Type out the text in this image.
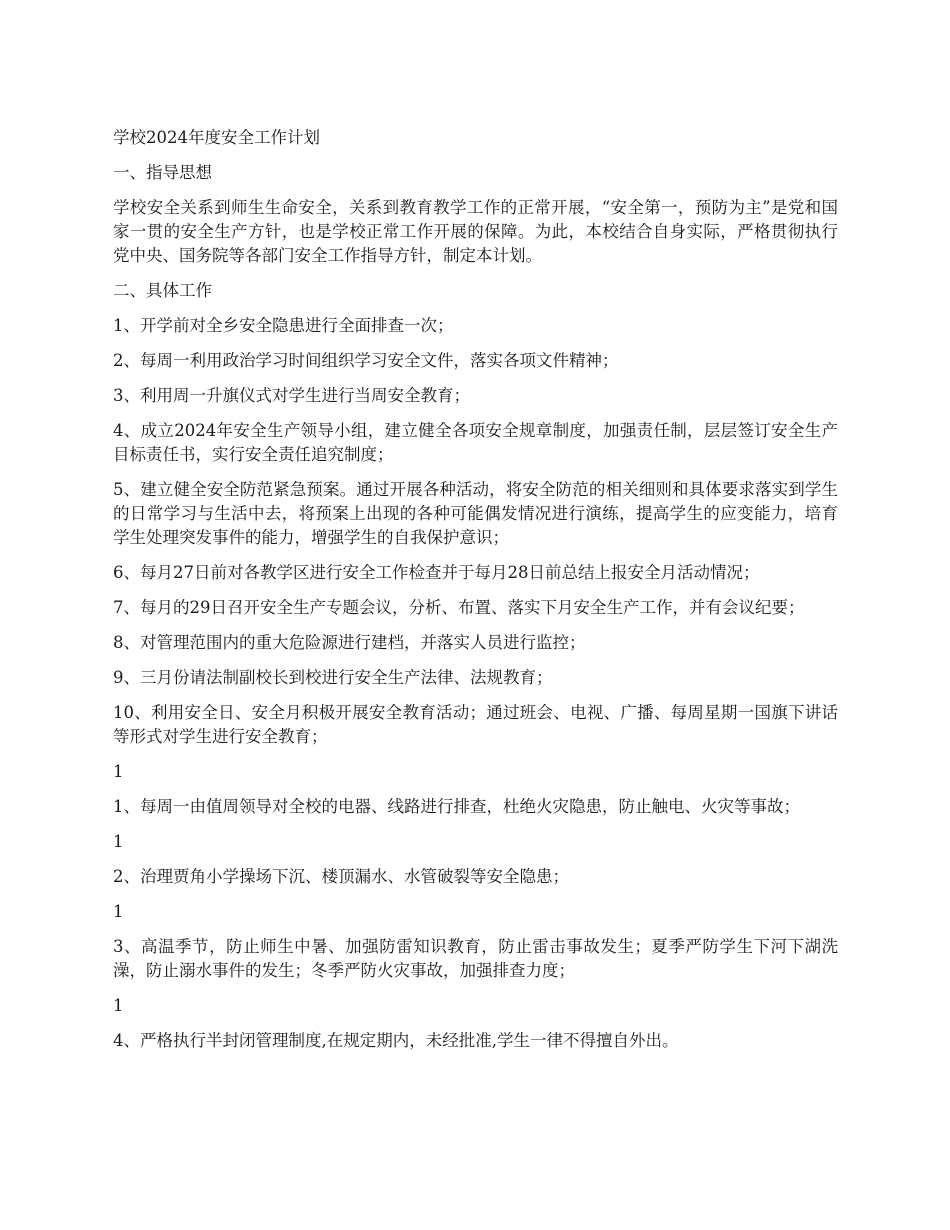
学校2024年度安全工作计划

一、指导思想

学校安全关系到师生生命安全，关系到教育教学工作的正常开展，“安全第一，预防为主”是党和国家一贯的安全生产方针，也是学校正常工作开展的保障。为此，本校结合自身实际，严格贯彻执行党中央、国务院等各部门安全工作指导方针，制定本计划。

二、具体工作

1、开学前对全乡安全隐患进行全面排查一次；

2、每周一利用政治学习时间组织学习安全文件，落实各项文件精神；

3、利用周一升旗仪式对学生进行当周安全教育；

4、成立2024年安全生产领导小组，建立健全各项安全规章制度，加强责任制，层层签订安全生产目标责任书，实行安全责任追究制度；

5、建立健全安全防范紧急预案。通过开展各种活动，将安全防范的相关细则和具体要求落实到学生的日常学习与生活中去，将预案上出现的各种可能偶发情况进行演练，提高学生的应变能力，培育学生处理突发事件的能力，增强学生的自我保护意识；

6、每月27日前对各教学区进行安全工作检查并于每月28日前总结上报安全月活动情况；

7、每月的29日召开安全生产专题会议，分析、布置、落实下月安全生产工作，并有会议纪要；

8、对管理范围内的重大危险源进行建档，并落实人员进行监控；

9、三月份请法制副校长到校进行安全生产法律、法规教育；

10、利用安全日、安全月积极开展安全教育活动；通过班会、电视、广播、每周星期一国旗下讲话等形式对学生进行安全教育；

1

1、每周一由值周领导对全校的电器、线路进行排查，杜绝火灾隐患，防止触电、火灾等事故；

1

2、治理贾角小学操场下沉、楼顶漏水、水管破裂等安全隐患；

1

3、高温季节，防止师生中暑、加强防雷知识教育，防止雷击事故发生；夏季严防学生下河下湖洗澡，防止溺水事件的发生；冬季严防火灾事故，加强排查力度；

1

4、严格执行半封闭管理制度,在规定期内，未经批准,学生一律不得擅自外出。
